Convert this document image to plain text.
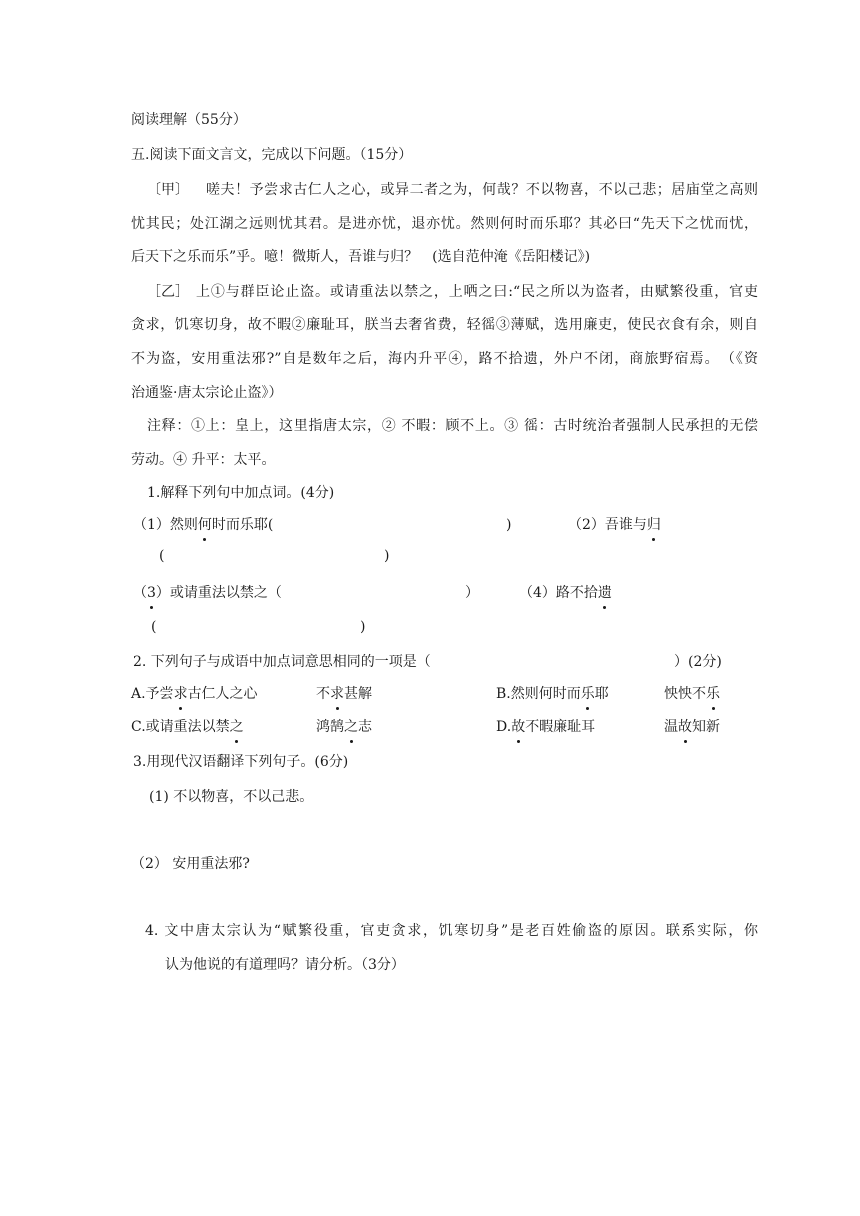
阅读理解（55分）
五.阅读下面文言文，完成以下问题。（15分）
〔甲〕 嗟夫！予尝求古仁人之心，或异二者之为，何哉？不以物喜，不以己悲；居庙堂之高则
忧其民；处江湖之远则忧其君。是进亦忧，退亦忧。然则何时而乐耶？其必曰“先天下之忧而忧，
后天下之乐而乐”乎。噫！微斯人，吾谁与归？　(选自范仲淹《岳阳楼记》)
［乙］ 上①与群臣论止盗。或请重法以禁之，上哂之曰:“民之所以为盗者，由赋繁役重，官吏
贪求，饥寒切身，故不暇②廉耻耳，朕当去奢省费，轻徭③薄赋，选用廉吏，使民衣食有余，则自
不为盗，安用重法邪?”自是数年之后，海内升平④，路不拾遗，外户不闭，商旅野宿焉。　（《资
治通鉴·唐太宗论止盗》）
注释：①上：皇上，这里指唐太宗，② 不暇：顾不上。③ 徭：古时统治者强制人民承担的无偿
劳动。④ 升平：太平。
1.解释下列句中加点词。(4分)
（1）然则何时而乐耶(	)	（2）吾谁与归
(	)
（3）或请重法以禁之（	）	（4）路不拾遗
(	)
2. 下列句子与成语中加点词意思相同的一项是（	）(2分)
A.予尝求古仁人之心	不求甚解	B.然则何时而乐耶	怏怏不乐
C.或请重法以禁之	鸿鹄之志	D.故不暇廉耻耳	温故知新
3.用现代汉语翻译下列句子。(6分)
(1) 不以物喜，不以己悲。
（2） 安用重法邪?
4. 文中唐太宗认为“赋繁役重，官吏贪求，饥寒切身”是老百姓偷盗的原因。联系实际，你
认为他说的有道理吗？请分析。（3分）
